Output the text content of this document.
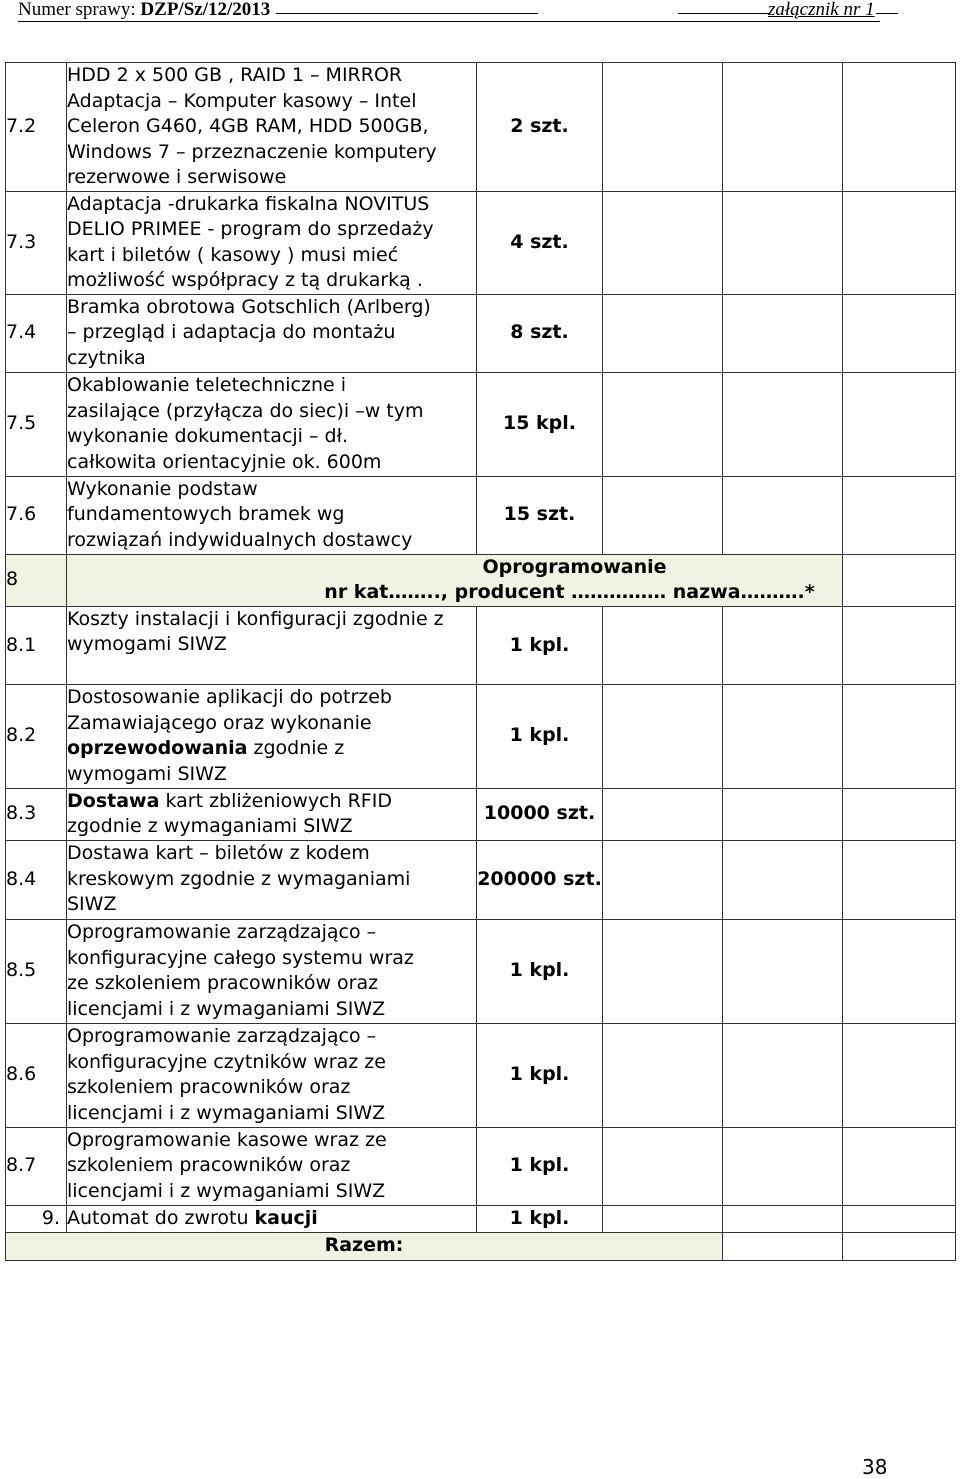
Numer sprawy: DZP/Sz/12/2013	załącznik nr 1
7.2	HDD 2 x 500 GB , RAID 1 – MIRROR
Adaptacja – Komputer kasowy – Intel
Celeron G460, 4GB RAM, HDD 500GB,
Windows 7 – przeznaczenie komputery
rezerwowe i serwisowe	2 szt.			
7.3	Adaptacja -drukarka fiskalna NOVITUS
DELIO PRIMEE - program do sprzedaży
kart i biletów ( kasowy ) musi mieć
możliwość współpracy z tą drukarką .	4 szt.			
7.4	Bramka obrotowa Gotschlich (Arlberg)
– przegląd i adaptacja do montażu
czytnika	8 szt.			
7.5	Okablowanie teletechniczne i
zasilające (przyłącza do siec)i –w tym
wykonanie dokumentacji – dł.
całkowita orientacyjnie ok. 600m	15 kpl.			
7.6	Wykonanie podstaw
fundamentowych bramek wg
rozwiązań indywidualnych dostawcy	15 szt.			
8	Oprogramowanie
nr kat…….., producent …………… nazwa……….*				

8.1	Koszty instalacji i konfiguracji zgodnie z
wymogami SIWZ	1 kpl.			
8.2	Dostosowanie aplikacji do potrzeb
Zamawiającego oraz wykonanie
oprzewodowania zgodnie z
wymogami SIWZ	1 kpl.			
8.3	Dostawa kart zbliżeniowych RFID
zgodnie z wymaganiami SIWZ	10000 szt.			
8.4	Dostawa kart – biletów z kodem
kreskowym zgodnie z wymaganiami
SIWZ	200000 szt.			
8.5	Oprogramowanie zarządzająco –
konfiguracyjne całego systemu wraz
ze szkoleniem pracowników oraz
licencjami i z wymaganiami SIWZ	1 kpl.			
8.6	Oprogramowanie zarządzająco –
konfiguracyjne czytników wraz ze
szkoleniem pracowników oraz
licencjami i z wymaganiami SIWZ	1 kpl.			
8.7	Oprogramowanie kasowe wraz ze
szkoleniem pracowników oraz
licencjami i z wymaganiami SIWZ	1 kpl.			
9.	Automat do zwrotu kaucji	1 kpl.			
Razem:					
38
